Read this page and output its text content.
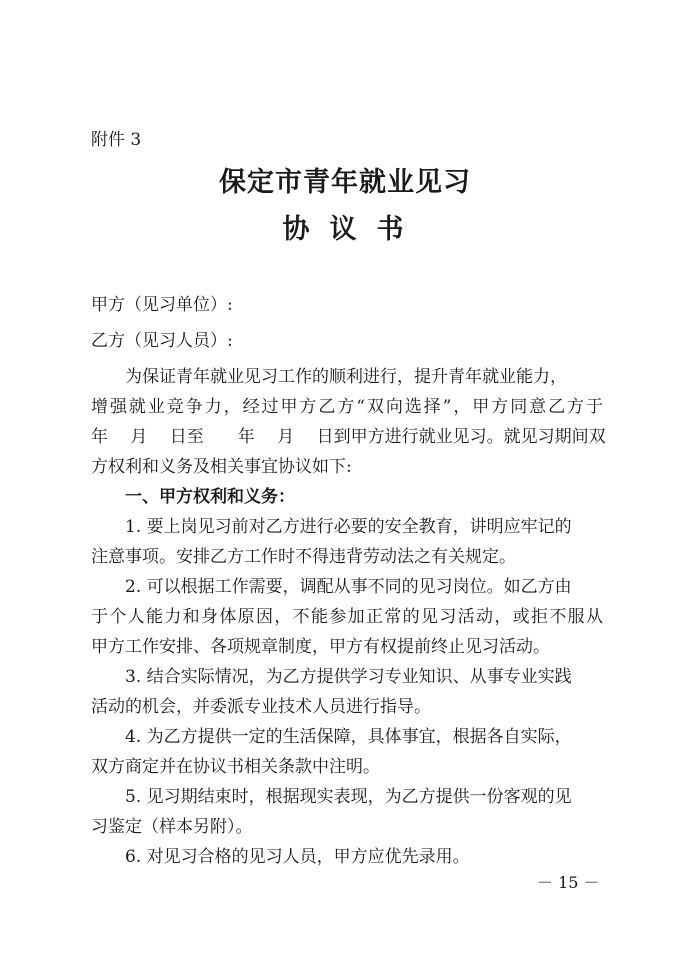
附件 3
保定市青年就业见习
协议书

甲方（见习单位）:

乙方（见习人员）:

为保证青年就业见习工作的顺利进行，提升青年就业能力，

增强就业竞争力，经过甲方乙方“双向选择”，甲方同意乙方于

年　 月　 日至　　年　 月　 日到甲方进行就业见习。就见习期间双

方权利和义务及相关事宜协议如下:

一、甲方权利和义务：

1. 要上岗见习前对乙方进行必要的安全教育，讲明应牢记的

注意事项。安排乙方工作时不得违背劳动法之有关规定。

2. 可以根据工作需要，调配从事不同的见习岗位。如乙方由

于个人能力和身体原因，不能参加正常的见习活动，或拒不服从

甲方工作安排、各项规章制度，甲方有权提前终止见习活动。

3. 结合实际情况，为乙方提供学习专业知识、从事专业实践

活动的机会，并委派专业技术人员进行指导。

4. 为乙方提供一定的生活保障，具体事宜，根据各自实际，

双方商定并在协议书相关条款中注明。

5. 见习期结束时，根据现实表现，为乙方提供一份客观的见

习鉴定（样本另附）。

6. 对见习合格的见习人员，甲方应优先录用。

－ 15 －
